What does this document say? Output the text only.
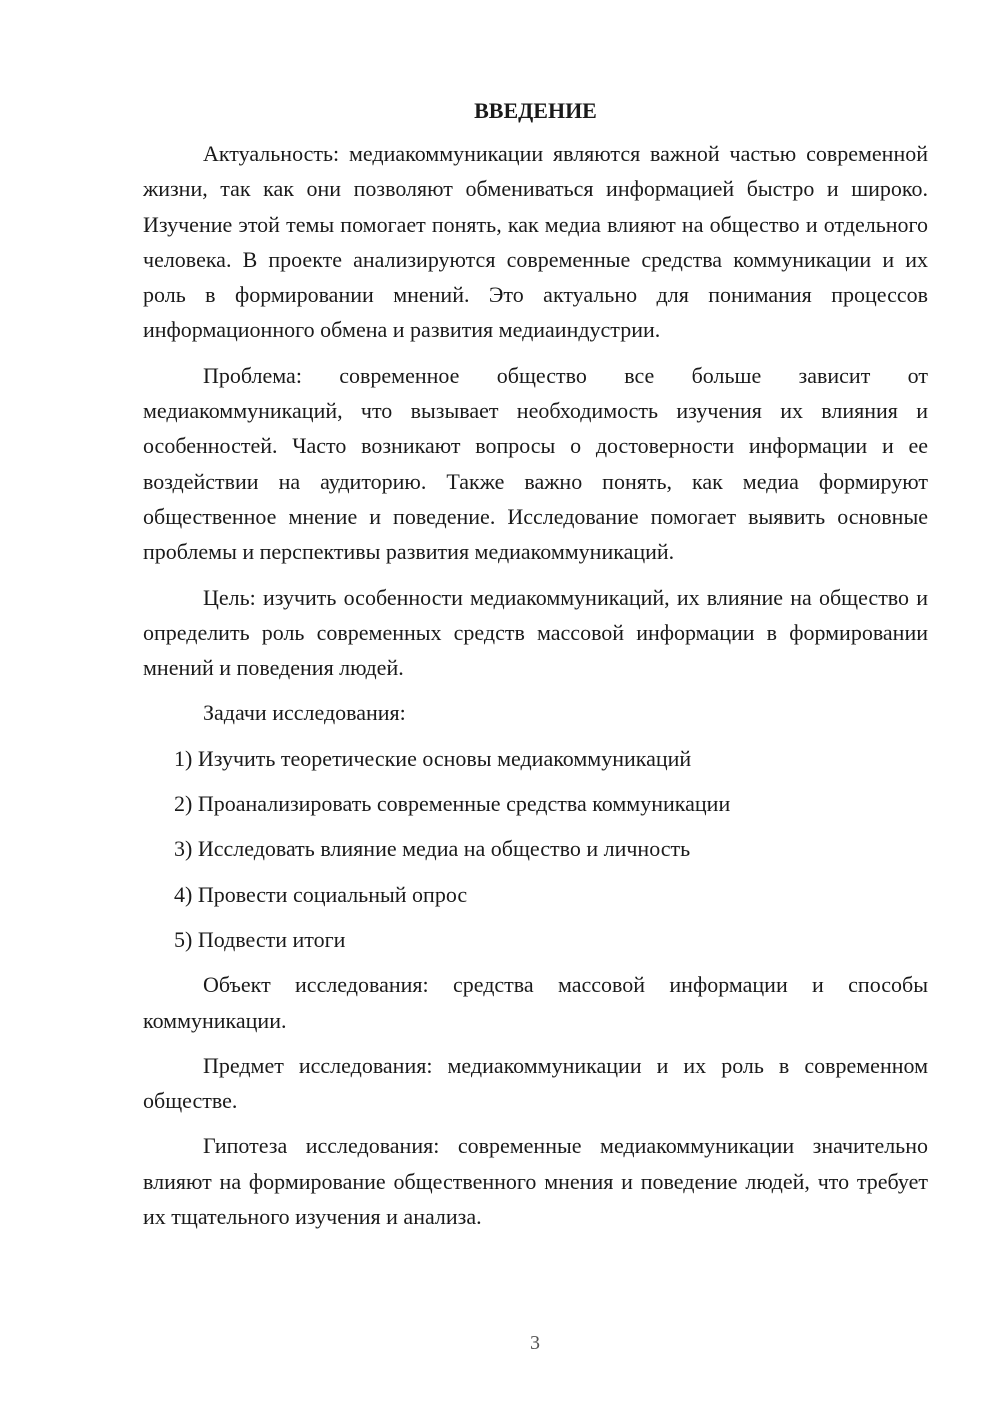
ВВЕДЕНИЕ

Актуальность: медиакоммуникации являются важной частью современной жизни, так как они позволяют обмениваться информацией быстро и широко. Изучение этой темы помогает понять, как медиа влияют на общество и отдельного человека. В проекте анализируются современные средства коммуникации и их роль в формировании мнений. Это актуально для понимания процессов информационного обмена и развития медиаиндустрии.

Проблема: современное общество все больше зависит от медиакоммуникаций, что вызывает необходимость изучения их влияния и особенностей. Часто возникают вопросы о достоверности информации и ее воздействии на аудиторию. Также важно понять, как медиа формируют общественное мнение и поведение. Исследование помогает выявить основные проблемы и перспективы развития медиакоммуникаций.

Цель: изучить особенности медиакоммуникаций, их влияние на общество и определить роль современных средств массовой информации в формировании мнений и поведения людей.

Задачи исследования:

1) Изучить теоретические основы медиакоммуникаций
2) Проанализировать современные средства коммуникации
3) Исследовать влияние медиа на общество и личность
4) Провести социальный опрос
5) Подвести итоги

Объект исследования: средства массовой информации и способы коммуникации.

Предмет исследования: медиакоммуникации и их роль в современном обществе.

Гипотеза исследования: современные медиакоммуникации значительно влияют на формирование общественного мнения и поведение людей, что требует их тщательного изучения и анализа.

3
